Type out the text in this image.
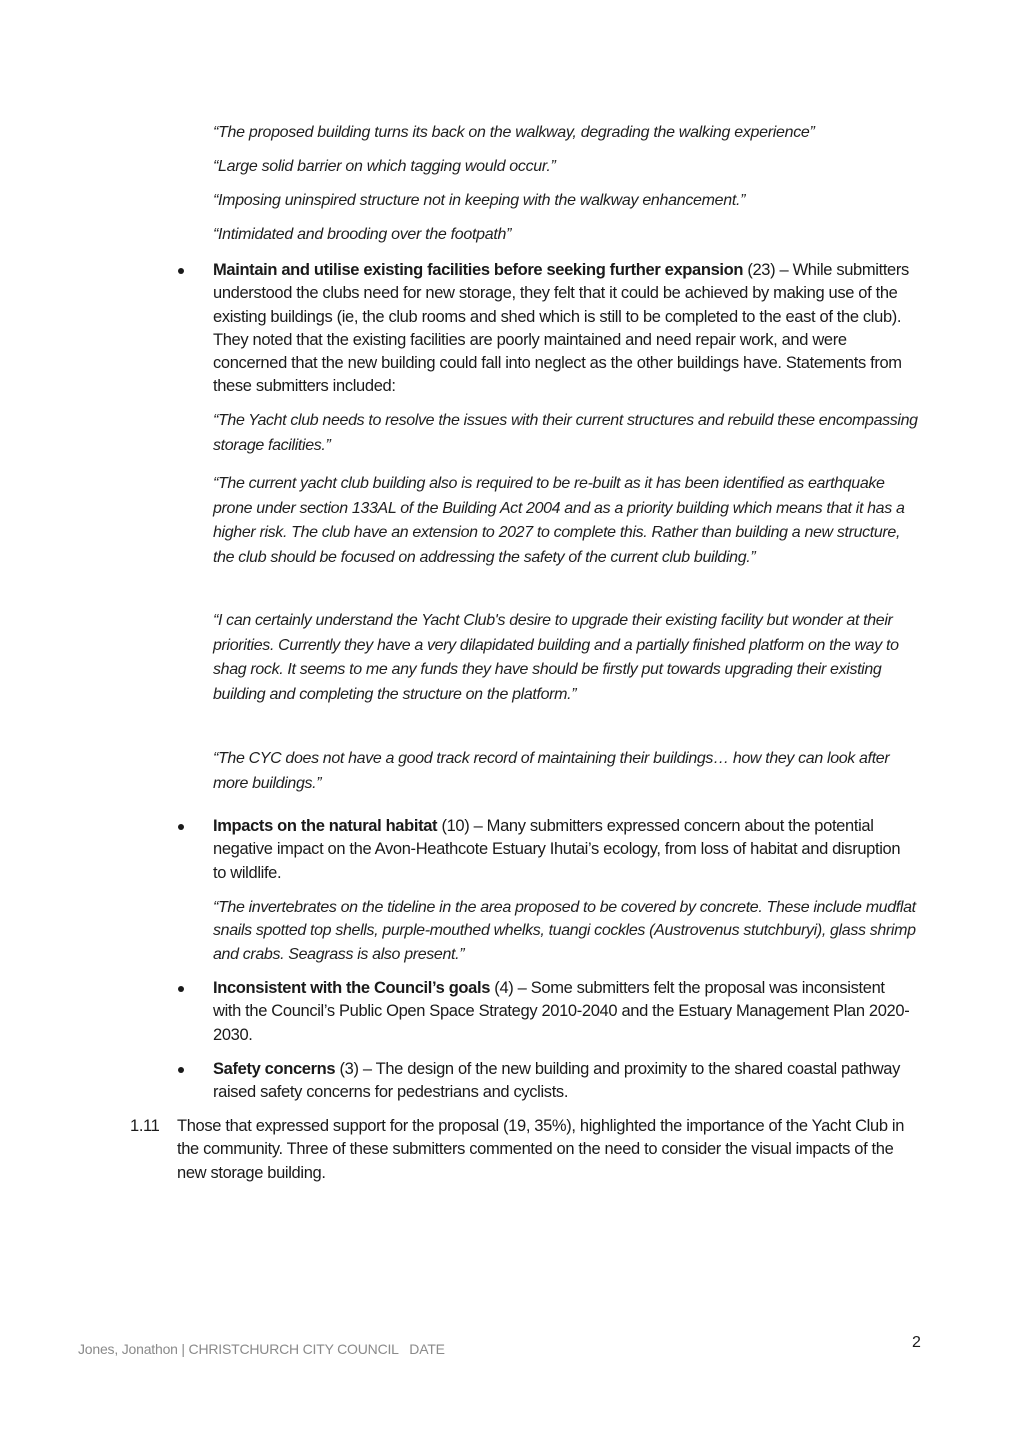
“The proposed building turns its back on the walkway, degrading the walking experience”
“Large solid barrier on which tagging would occur.”
“Imposing uninspired structure not in keeping with the walkway enhancement.”
“Intimidated and brooding over the footpath”
Maintain and utilise existing facilities before seeking further expansion (23) – While submitters understood the clubs need for new storage, they felt that it could be achieved by making use of the existing buildings (ie, the club rooms and shed which is still to be completed to the east of the club). They noted that the existing facilities are poorly maintained and need repair work, and were concerned that the new building could fall into neglect as the other buildings have. Statements from these submitters included:
“The Yacht club needs to resolve the issues with their current structures and rebuild these encompassing storage facilities.”
“The current yacht club building also is required to be re-built as it has been identified as earthquake prone under section 133AL of the Building Act 2004 and as a priority building which means that it has a higher risk. The club have an extension to 2027 to complete this. Rather than building a new structure, the club should be focused on addressing the safety of the current club building.”
“I can certainly understand the Yacht Club's desire to upgrade their existing facility but wonder at their priorities. Currently they have a very dilapidated building and a partially finished platform on the way to shag rock. It seems to me any funds they have should be firstly put towards upgrading their existing building and completing the structure on the platform.”
“The CYC does not have a good track record of maintaining their buildings… how they can look after more buildings.”
Impacts on the natural habitat (10) – Many submitters expressed concern about the potential negative impact on the Avon-Heathcote Estuary Ihutai’s ecology, from loss of habitat and disruption to wildlife.
“The invertebrates on the tideline in the area proposed to be covered by concrete. These include mudflat snails spotted top shells, purple-mouthed whelks, tuangi cockles (Austrovenus stutchburyi), glass shrimp and crabs. Seagrass is also present.”
Inconsistent with the Council’s goals (4) – Some submitters felt the proposal was inconsistent with the Council’s Public Open Space Strategy 2010-2040 and the Estuary Management Plan 2020-2030.
Safety concerns (3) – The design of the new building and proximity to the shared coastal pathway raised safety concerns for pedestrians and cyclists.
1.11 Those that expressed support for the proposal (19, 35%), highlighted the importance of the Yacht Club in the community. Three of these submitters commented on the need to consider the visual impacts of the new storage building.
Jones, Jonathon | CHRISTCHURCH CITY COUNCIL   DATE	2
